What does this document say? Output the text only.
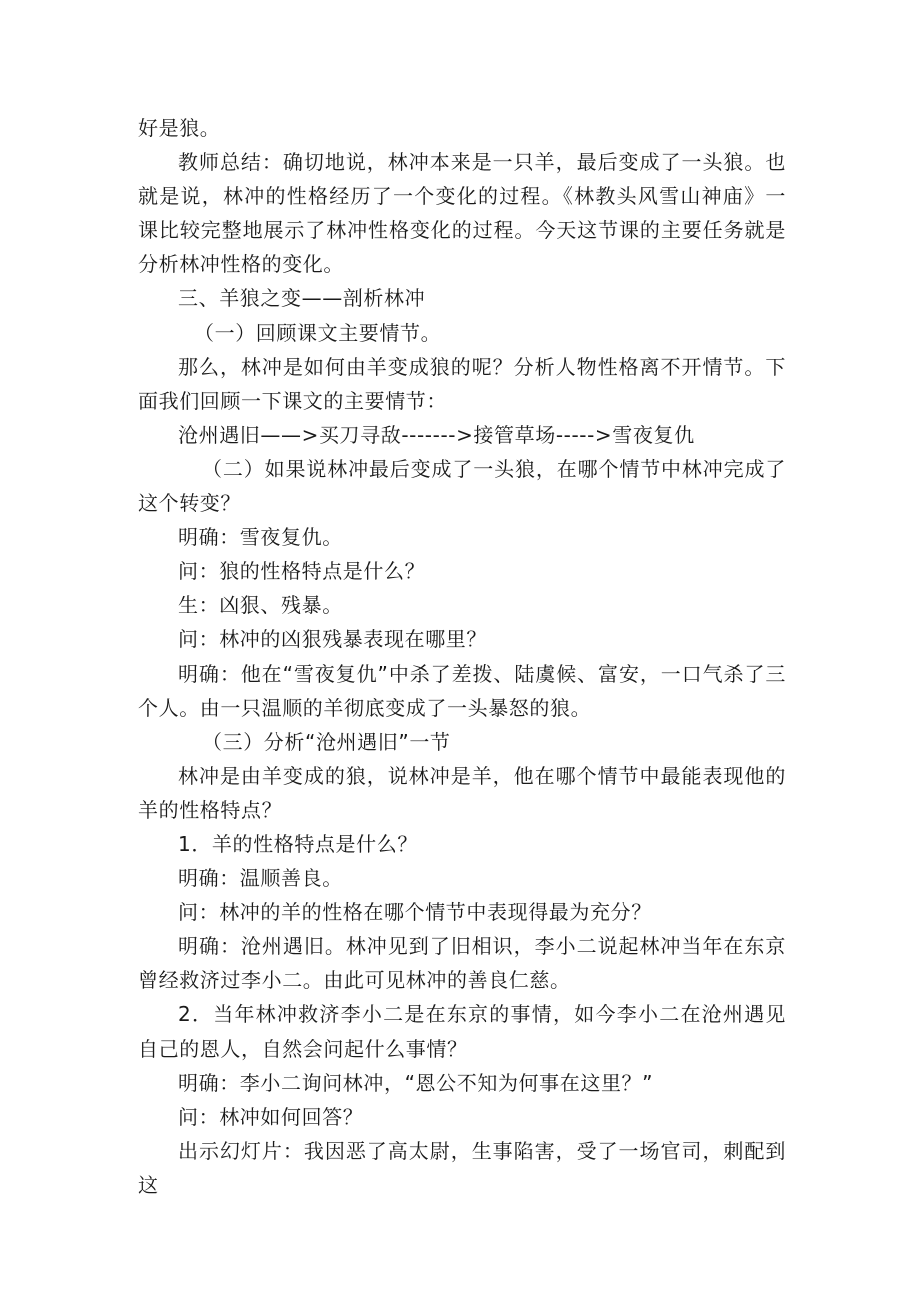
好是狼。

教师总结：确切地说，林冲本来是一只羊，最后变成了一头狼。也就是说，林冲的性格经历了一个变化的过程。《林教头风雪山神庙》一课比较完整地展示了林冲性格变化的过程。今天这节课的主要任务就是分析林冲性格的变化。

三、羊狼之变——剖析林冲

（一）回顾课文主要情节。

那么，林冲是如何由羊变成狼的呢？分析人物性格离不开情节。下面我们回顾一下课文的主要情节：

沧州遇旧——>买刀寻敌------->接管草场----->雪夜复仇

（二）如果说林冲最后变成了一头狼，在哪个情节中林冲完成了这个转变？

明确：雪夜复仇。

问：狼的性格特点是什么？

生：凶狠、残暴。

问：林冲的凶狠残暴表现在哪里？

明确：他在“雪夜复仇”中杀了差拨、陆虞候、富安，一口气杀了三个人。由一只温顺的羊彻底变成了一头暴怒的狼。

（三）分析“沧州遇旧”一节

林冲是由羊变成的狼，说林冲是羊，他在哪个情节中最能表现他的羊的性格特点？

1．羊的性格特点是什么？

明确：温顺善良。

问：林冲的羊的性格在哪个情节中表现得最为充分？

明确：沧州遇旧。林冲见到了旧相识，李小二说起林冲当年在东京曾经救济过李小二。由此可见林冲的善良仁慈。

2．当年林冲救济李小二是在东京的事情，如今李小二在沧州遇见自己的恩人，自然会问起什么事情？

明确：李小二询问林冲，“恩公不知为何事在这里？”

问：林冲如何回答？

出示幻灯片：我因恶了高太尉，生事陷害，受了一场官司，刺配到这
